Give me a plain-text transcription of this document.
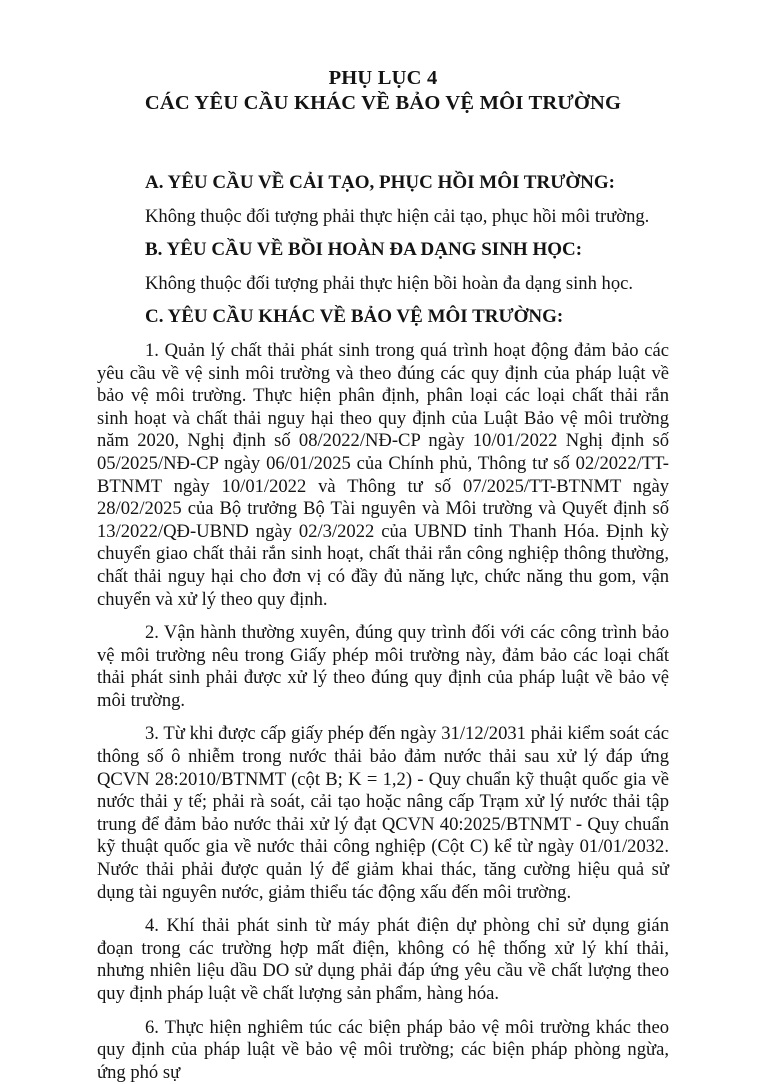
PHỤ LỤC 4
CÁC YÊU CẦU KHÁC VỀ BẢO VỆ MÔI TRƯỜNG
A. YÊU CẦU VỀ CẢI TẠO, PHỤC HỒI MÔI TRƯỜNG:

Không thuộc đối tượng phải thực hiện cải tạo, phục hồi môi trường.

B. YÊU CẦU VỀ BỒI HOÀN ĐA DẠNG SINH HỌC:

Không thuộc đối tượng phải thực hiện bồi hoàn đa dạng sinh học.

C. YÊU CẦU KHÁC VỀ BẢO VỆ MÔI TRƯỜNG:

1. Quản lý chất thải phát sinh trong quá trình hoạt động đảm bảo các yêu cầu về vệ sinh môi trường và theo đúng các quy định của pháp luật về bảo vệ môi trường. Thực hiện phân định, phân loại các loại chất thải rắn sinh hoạt và chất thải nguy hại theo quy định của Luật Bảo vệ môi trường năm 2020, Nghị định số 08/2022/NĐ-CP ngày 10/01/2022 Nghị định số 05/2025/NĐ-CP ngày 06/01/2025 của Chính phủ, Thông tư số 02/2022/TT-BTNMT ngày 10/01/2022 và Thông tư số 07/2025/TT-BTNMT ngày 28/02/2025 của Bộ trưởng Bộ Tài nguyên và Môi trường và Quyết định số 13/2022/QĐ-UBND ngày 02/3/2022 của UBND tỉnh Thanh Hóa. Định kỳ chuyển giao chất thải rắn sinh hoạt, chất thải rắn công nghiệp thông thường, chất thải nguy hại cho đơn vị có đầy đủ năng lực, chức năng thu gom, vận chuyển và xử lý theo quy định.

2. Vận hành thường xuyên, đúng quy trình đối với các công trình bảo vệ môi trường nêu trong Giấy phép môi trường này, đảm bảo các loại chất thải phát sinh phải được xử lý theo đúng quy định của pháp luật về bảo vệ môi trường.

3. Từ khi được cấp giấy phép đến ngày 31/12/2031 phải kiểm soát các thông số ô nhiễm trong nước thải bảo đảm nước thải sau xử lý đáp ứng QCVN 28:2010/BTNMT (cột B; K = 1,2) - Quy chuẩn kỹ thuật quốc gia về nước thải y tế; phải rà soát, cải tạo hoặc nâng cấp Trạm xử lý nước thải tập trung để đảm bảo nước thải xử lý đạt QCVN 40:2025/BTNMT - Quy chuẩn kỹ thuật quốc gia về nước thải công nghiệp (Cột C) kể từ ngày 01/01/2032. Nước thải phải được quản lý để giảm khai thác, tăng cường hiệu quả sử dụng tài nguyên nước, giảm thiểu tác động xấu đến môi trường.

4. Khí thải phát sinh từ máy phát điện dự phòng chỉ sử dụng gián đoạn trong các trường hợp mất điện, không có hệ thống xử lý khí thải, nhưng nhiên liệu dầu DO sử dụng phải đáp ứng yêu cầu về chất lượng theo quy định pháp luật về chất lượng sản phẩm, hàng hóa.

6. Thực hiện nghiêm túc các biện pháp bảo vệ môi trường khác theo quy định của pháp luật về bảo vệ môi trường; các biện pháp phòng ngừa, ứng phó sự
